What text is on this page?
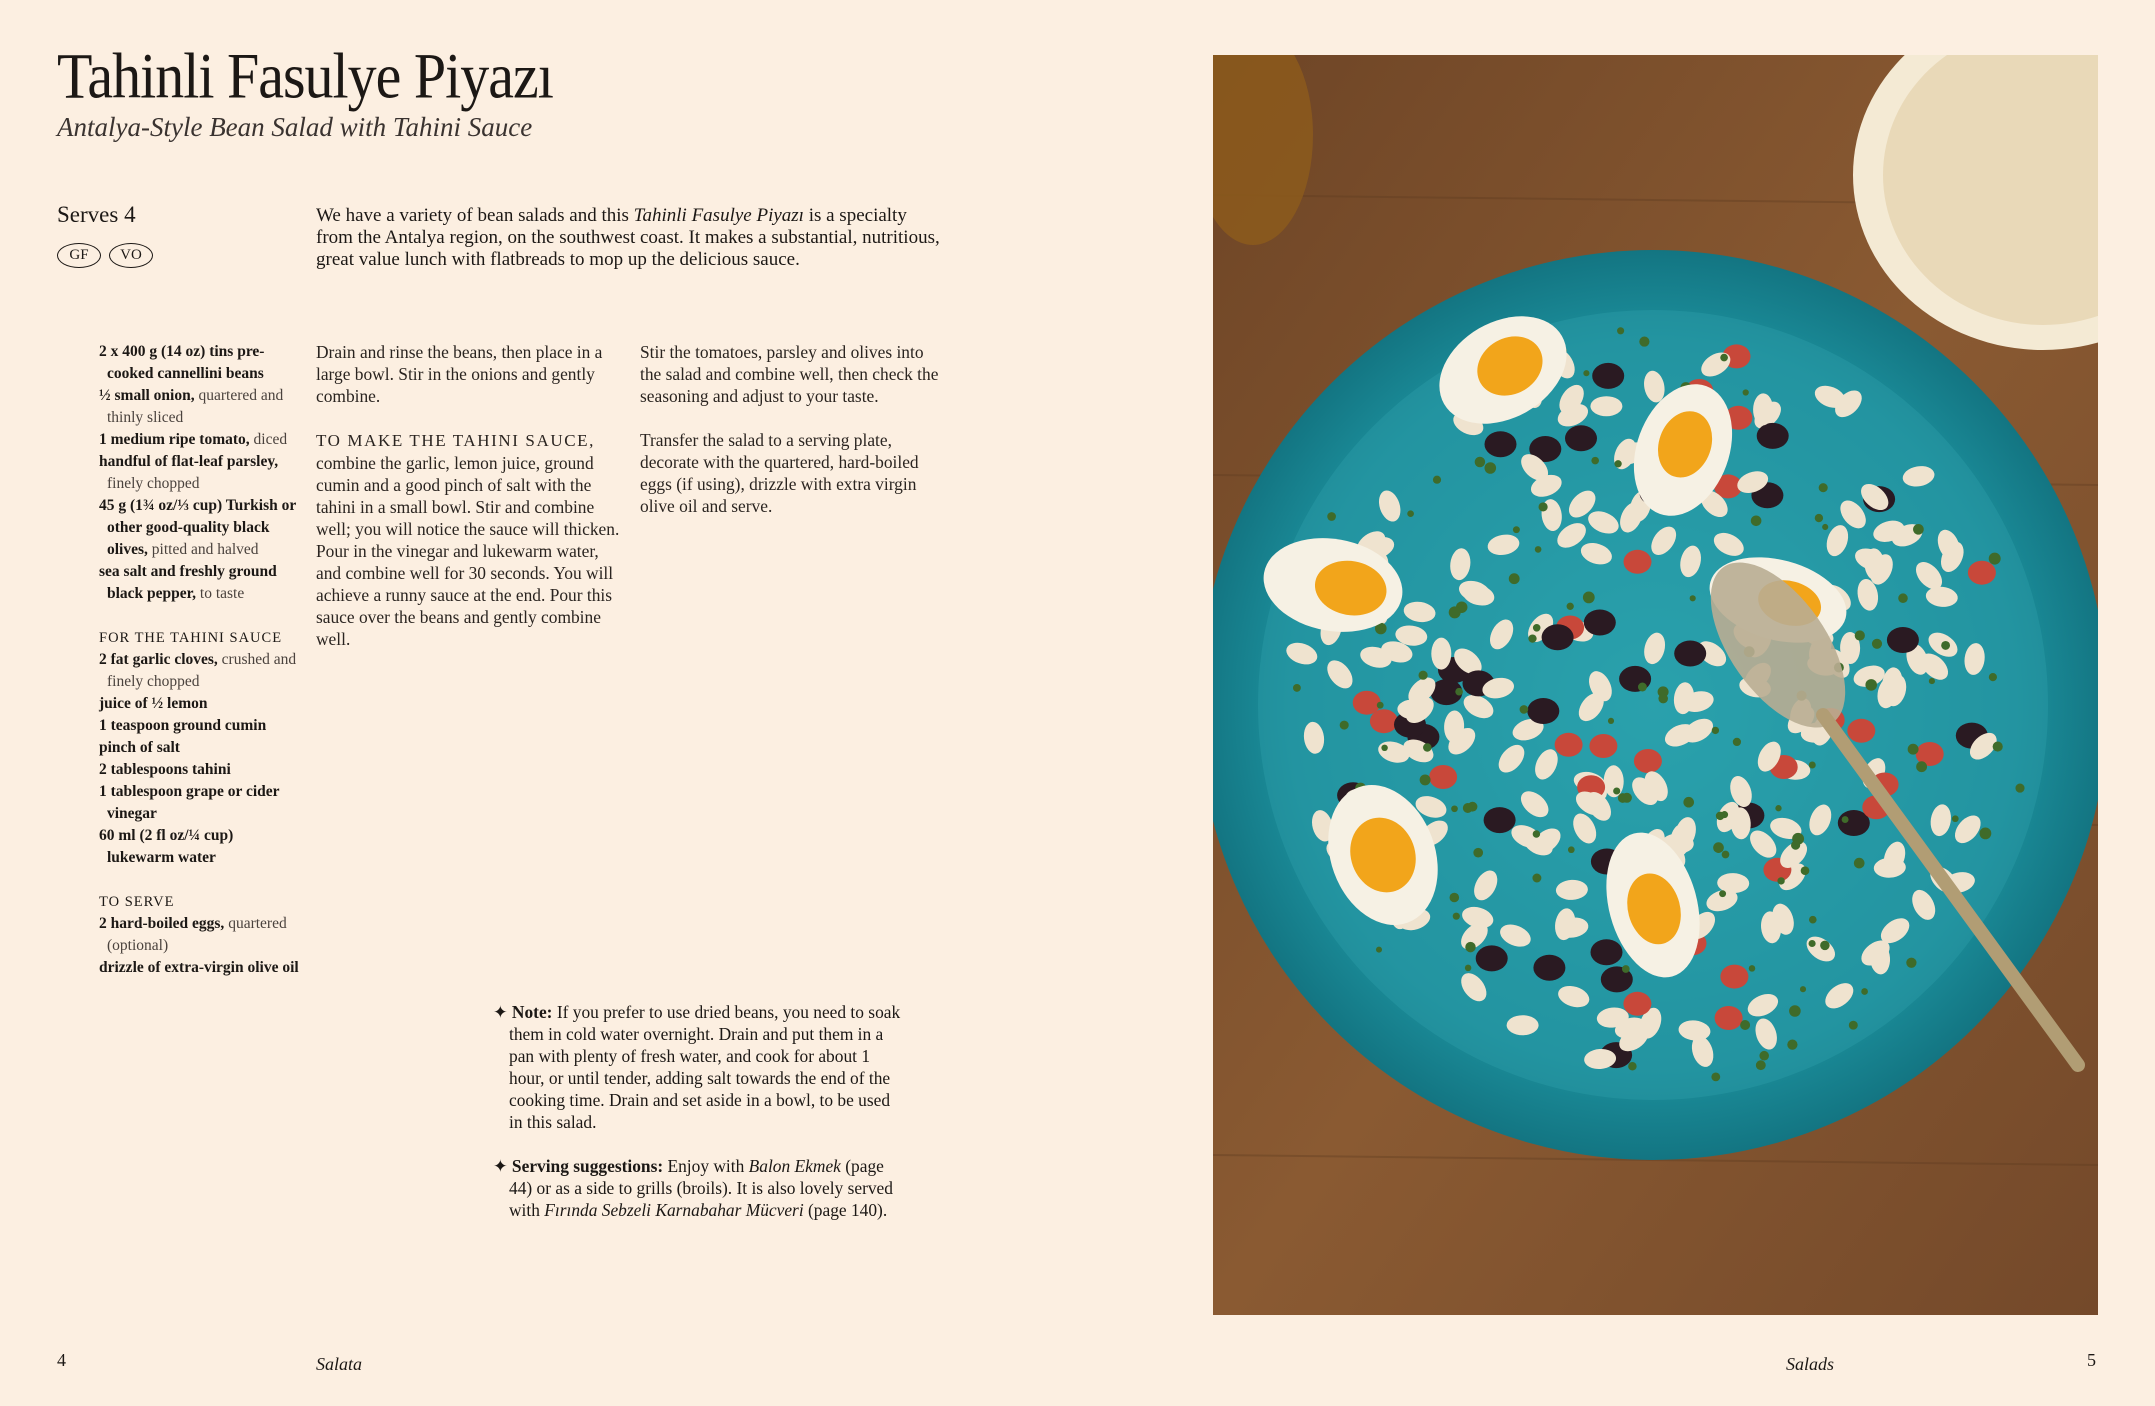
Tahinli Fasulye Piyazı
Antalya-Style Bean Salad with Tahini Sauce
Serves 4
GF	VO
We have a variety of bean salads and this Tahinli Fasulye Piyazı is a specialty from the Antalya region, on the southwest coast. It makes a substantial, nutritious, great value lunch with flatbreads to mop up the delicious sauce.

2 x 400 g (14 oz) tins pre-cooked cannellini beans

½ small onion, quartered and thinly sliced

1 medium ripe tomato, diced

handful of flat-leaf parsley, finely chopped

45 g (1¾ oz/⅓ cup) Turkish or other good-quality black olives, pitted and halved

sea salt and freshly ground black pepper, to taste

FOR THE TAHINI SAUCE

2 fat garlic cloves, crushed and finely chopped

juice of ½ lemon

1 teaspoon ground cumin

pinch of salt

2 tablespoons tahini

1 tablespoon grape or cider vinegar

60 ml (2 fl oz/¼ cup) lukewarm water

TO SERVE

2 hard-boiled eggs, quartered (optional)

drizzle of extra-virgin olive oil

Drain and rinse the beans, then place in a large bowl. Stir in the onions and gently combine.

TO MAKE THE TAHINI SAUCE, combine the garlic, lemon juice, ground cumin and a good pinch of salt with the tahini in a small bowl. Stir and combine well; you will notice the sauce will thicken. Pour in the vinegar and lukewarm water, and combine well for 30 seconds. You will achieve a runny sauce at the end. Pour this sauce over the beans and gently combine well.

Stir the tomatoes, parsley and olives into the salad and combine well, then check the seasoning and adjust to your taste.

Transfer the salad to a serving plate, decorate with the quartered, hard-boiled eggs (if using), drizzle with extra virgin olive oil and serve.

✦ Note: If you prefer to use dried beans, you need to soak them in cold water overnight. Drain and put them in a pan with plenty of fresh water, and cook for about 1 hour, or until tender, adding salt towards the end of the cooking time. Drain and set aside in a bowl, to be used in this salad.

✦ Serving suggestions: Enjoy with Balon Ekmek (page 44) or as a side to grills (broils). It is also lovely served with Fırında Sebzeli Karnabahar Mücveri (page 140).

4	Salata	Salads	5
